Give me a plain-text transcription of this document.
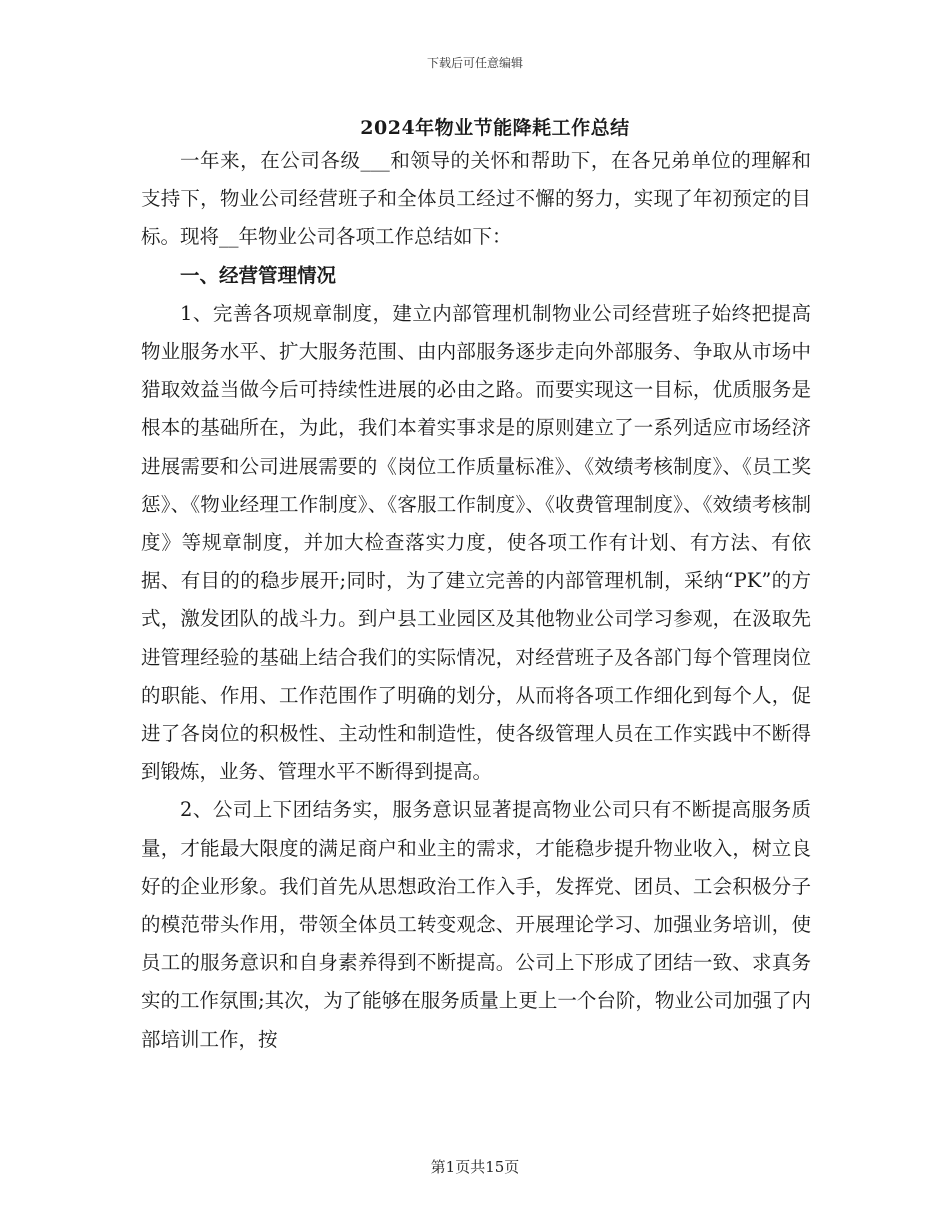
下载后可任意编辑
2024年物业节能降耗工作总结

一年来，在公司各级___和领导的关怀和帮助下，在各兄弟单位的理解和支持下，物业公司经营班子和全体员工经过不懈的努力，实现了年初预定的目标。现将__年物业公司各项工作总结如下：

一、经营管理情况

1、完善各项规章制度，建立内部管理机制物业公司经营班子始终把提高物业服务水平、扩大服务范围、由内部服务逐步走向外部服务、争取从市场中猎取效益当做今后可持续性进展的必由之路。而要实现这一目标，优质服务是根本的基础所在，为此，我们本着实事求是的原则建立了一系列适应市场经济进展需要和公司进展需要的《岗位工作质量标准》、《效绩考核制度》、《员工奖惩》、《物业经理工作制度》、《客服工作制度》、《收费管理制度》、《效绩考核制度》等规章制度，并加大检查落实力度，使各项工作有计划、有方法、有依据、有目的的稳步展开;同时，为了建立完善的内部管理机制，采纳“PK”的方式，激发团队的战斗力。到户县工业园区及其他物业公司学习参观，在汲取先进管理经验的基础上结合我们的实际情况，对经营班子及各部门每个管理岗位的职能、作用、工作范围作了明确的划分，从而将各项工作细化到每个人，促进了各岗位的积极性、主动性和制造性，使各级管理人员在工作实践中不断得到锻炼，业务、管理水平不断得到提高。

2、公司上下团结务实，服务意识显著提高物业公司只有不断提高服务质量，才能最大限度的满足商户和业主的需求，才能稳步提升物业收入，树立良好的企业形象。我们首先从思想政治工作入手，发挥党、团员、工会积极分子的模范带头作用，带领全体员工转变观念、开展理论学习、加强业务培训，使员工的服务意识和自身素养得到不断提高。公司上下形成了团结一致、求真务实的工作氛围;其次，为了能够在服务质量上更上一个台阶，物业公司加强了内部培训工作，按

第1页共15页
